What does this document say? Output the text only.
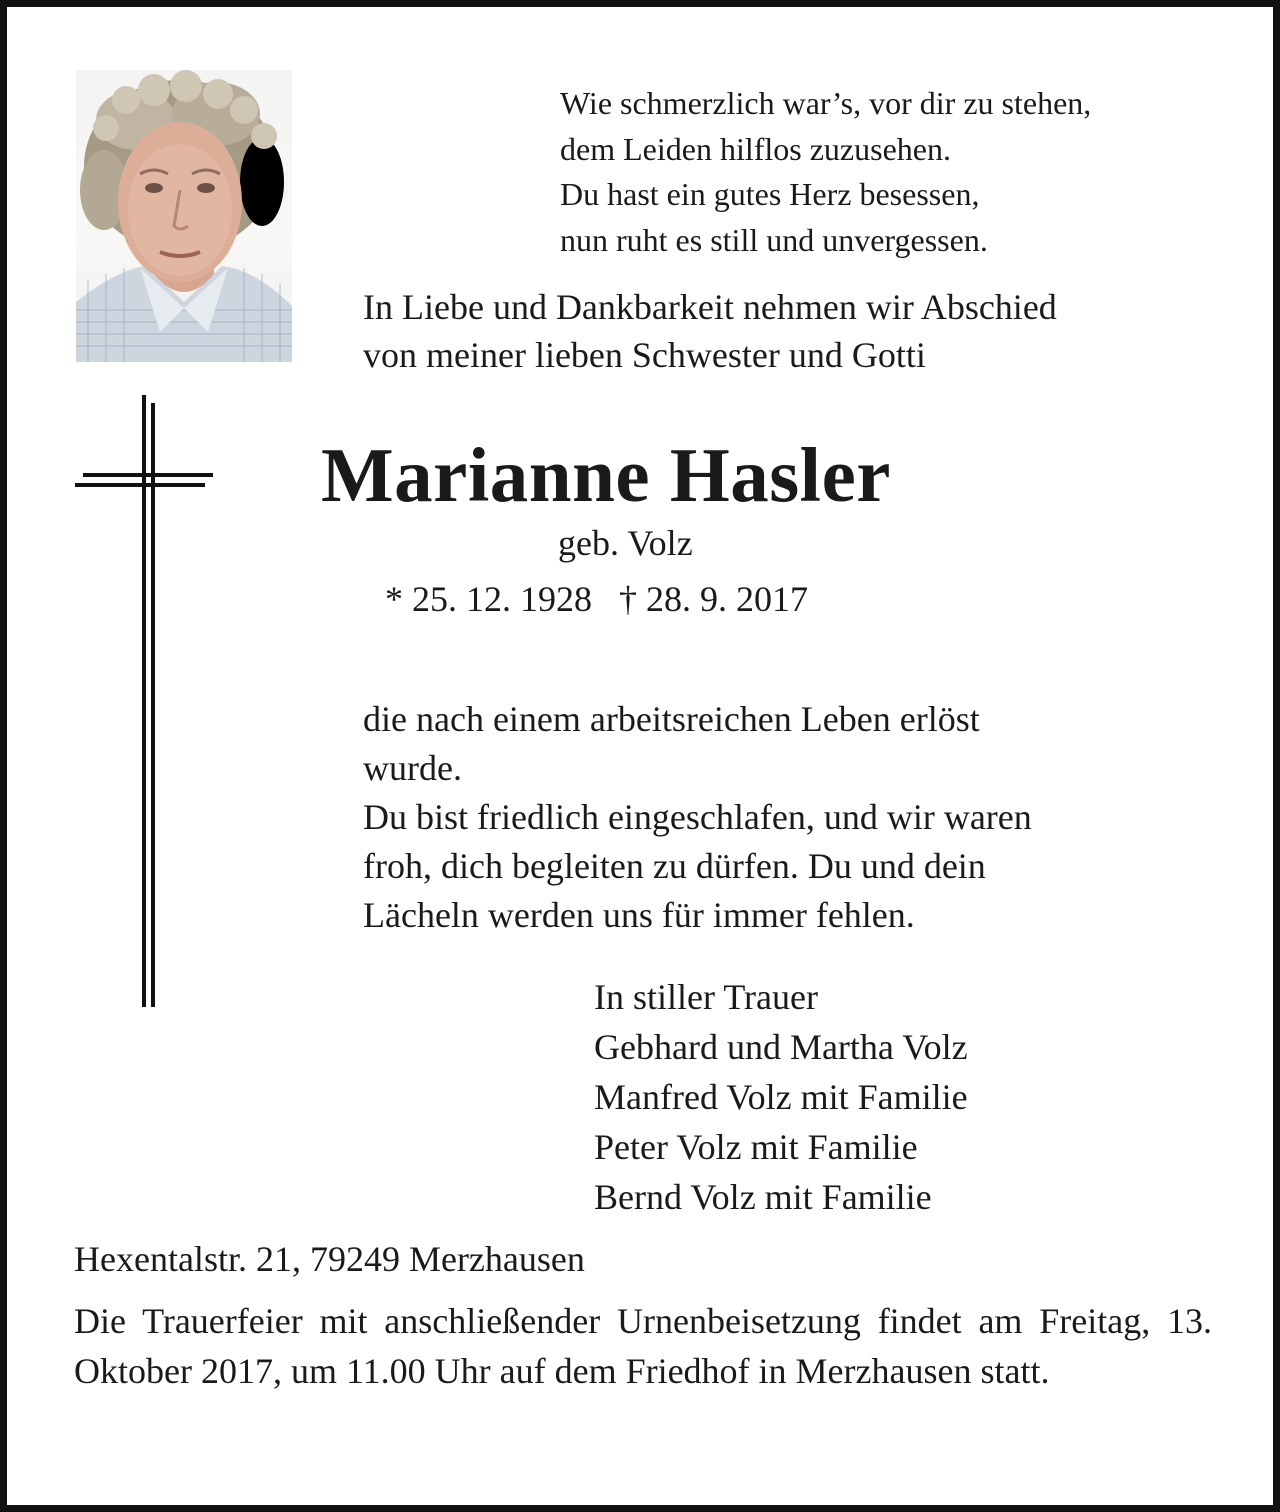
Wie schmerzlich war’s, vor dir zu stehen,
dem Leiden hilflos zuzusehen.
Du hast ein gutes Herz besessen,
nun ruht es still und unvergessen.
In Liebe und Dankbarkeit nehmen wir Abschied
von meiner lieben Schwester und Gotti
Marianne Hasler
geb. Volz
* 25. 12. 1928   † 28. 9. 2017
die nach einem arbeitsreichen Leben erlöst
wurde.
Du bist friedlich eingeschlafen, und wir waren
froh, dich begleiten zu dürfen. Du und dein
Lächeln werden uns für immer fehlen.
In stiller Trauer
Gebhard und Martha Volz
Manfred Volz mit Familie
Peter Volz mit Familie
Bernd Volz mit Familie
Hexentalstr. 21, 79249 Merzhausen
Die Trauerfeier mit anschließender Urnenbeisetzung findet am Freitag, 13. Oktober 2017, um 11.00 Uhr auf dem Friedhof in Merzhausen statt.
